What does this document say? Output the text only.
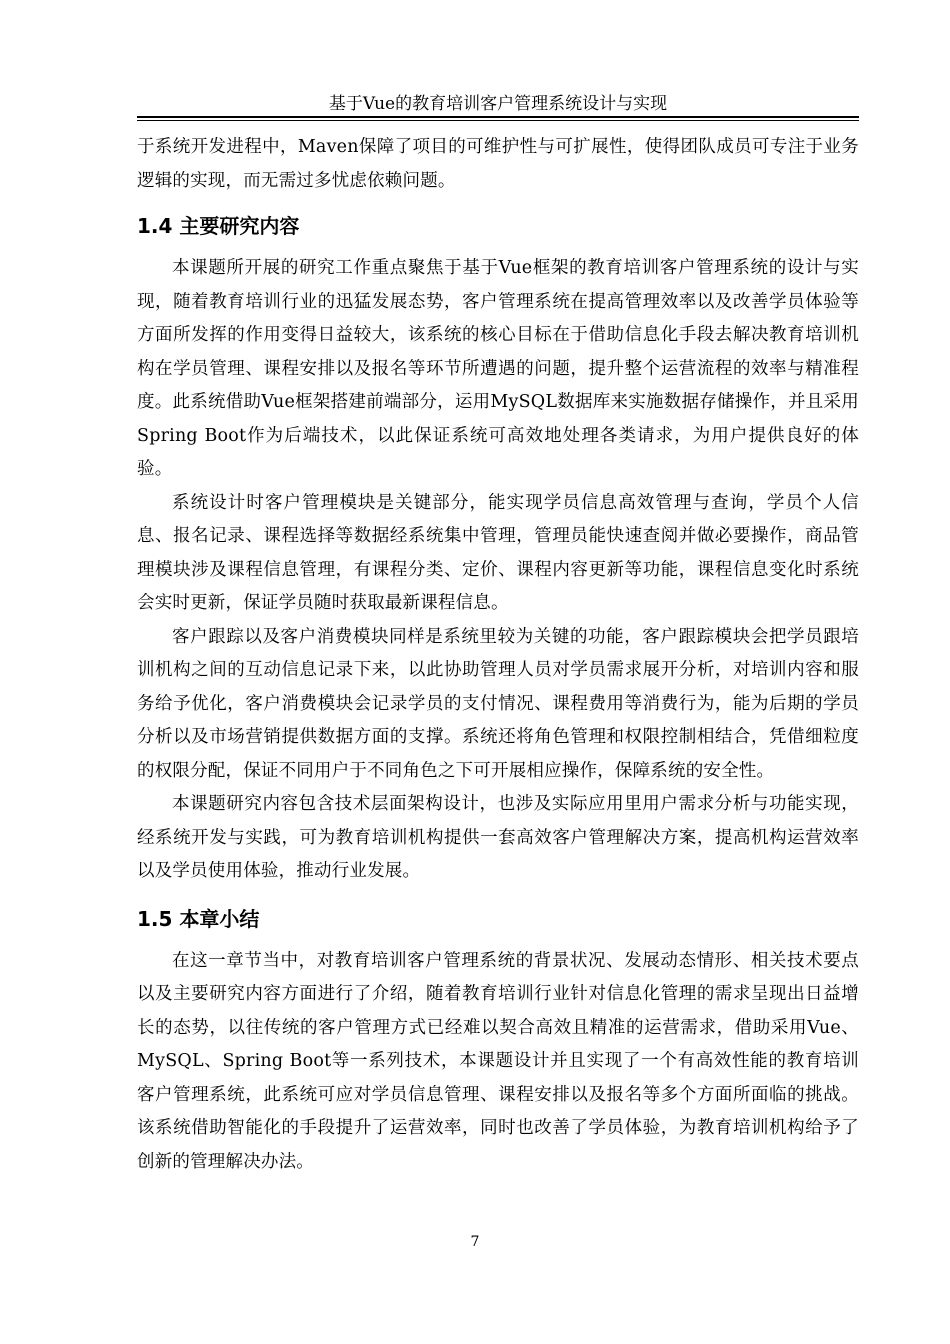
基于Vue的教育培训客户管理系统设计与实现

于系统开发进程中，Maven保障了项目的可维护性与可扩展性，使得团队成员可专注于业务逻辑的实现，而无需过多忧虑依赖问题。

1.4 主要研究内容

本课题所开展的研究工作重点聚焦于基于Vue框架的教育培训客户管理系统的设计与实现，随着教育培训行业的迅猛发展态势，客户管理系统在提高管理效率以及改善学员体验等方面所发挥的作用变得日益较大，该系统的核心目标在于借助信息化手段去解决教育培训机构在学员管理、课程安排以及报名等环节所遭遇的问题，提升整个运营流程的效率与精准程度。此系统借助Vue框架搭建前端部分，运用MySQL数据库来实施数据存储操作，并且采用Spring Boot作为后端技术，以此保证系统可高效地处理各类请求，为用户提供良好的体验。

系统设计时客户管理模块是关键部分，能实现学员信息高效管理与查询，学员个人信息、报名记录、课程选择等数据经系统集中管理，管理员能快速查阅并做必要操作，商品管理模块涉及课程信息管理，有课程分类、定价、课程内容更新等功能，课程信息变化时系统会实时更新，保证学员随时获取最新课程信息。

客户跟踪以及客户消费模块同样是系统里较为关键的功能，客户跟踪模块会把学员跟培训机构之间的互动信息记录下来，以此协助管理人员对学员需求展开分析，对培训内容和服务给予优化，客户消费模块会记录学员的支付情况、课程费用等消费行为，能为后期的学员分析以及市场营销提供数据方面的支撑。系统还将角色管理和权限控制相结合，凭借细粒度的权限分配，保证不同用户于不同角色之下可开展相应操作，保障系统的安全性。

本课题研究内容包含技术层面架构设计，也涉及实际应用里用户需求分析与功能实现，经系统开发与实践，可为教育培训机构提供一套高效客户管理解决方案，提高机构运营效率以及学员使用体验，推动行业发展。

1.5 本章小结

在这一章节当中，对教育培训客户管理系统的背景状况、发展动态情形、相关技术要点以及主要研究内容方面进行了介绍，随着教育培训行业针对信息化管理的需求呈现出日益增长的态势，以往传统的客户管理方式已经难以契合高效且精准的运营需求，借助采用Vue、MySQL、Spring Boot等一系列技术，本课题设计并且实现了一个有高效性能的教育培训客户管理系统，此系统可应对学员信息管理、课程安排以及报名等多个方面所面临的挑战。该系统借助智能化的手段提升了运营效率，同时也改善了学员体验，为教育培训机构给予了创新的管理解决办法。

7
